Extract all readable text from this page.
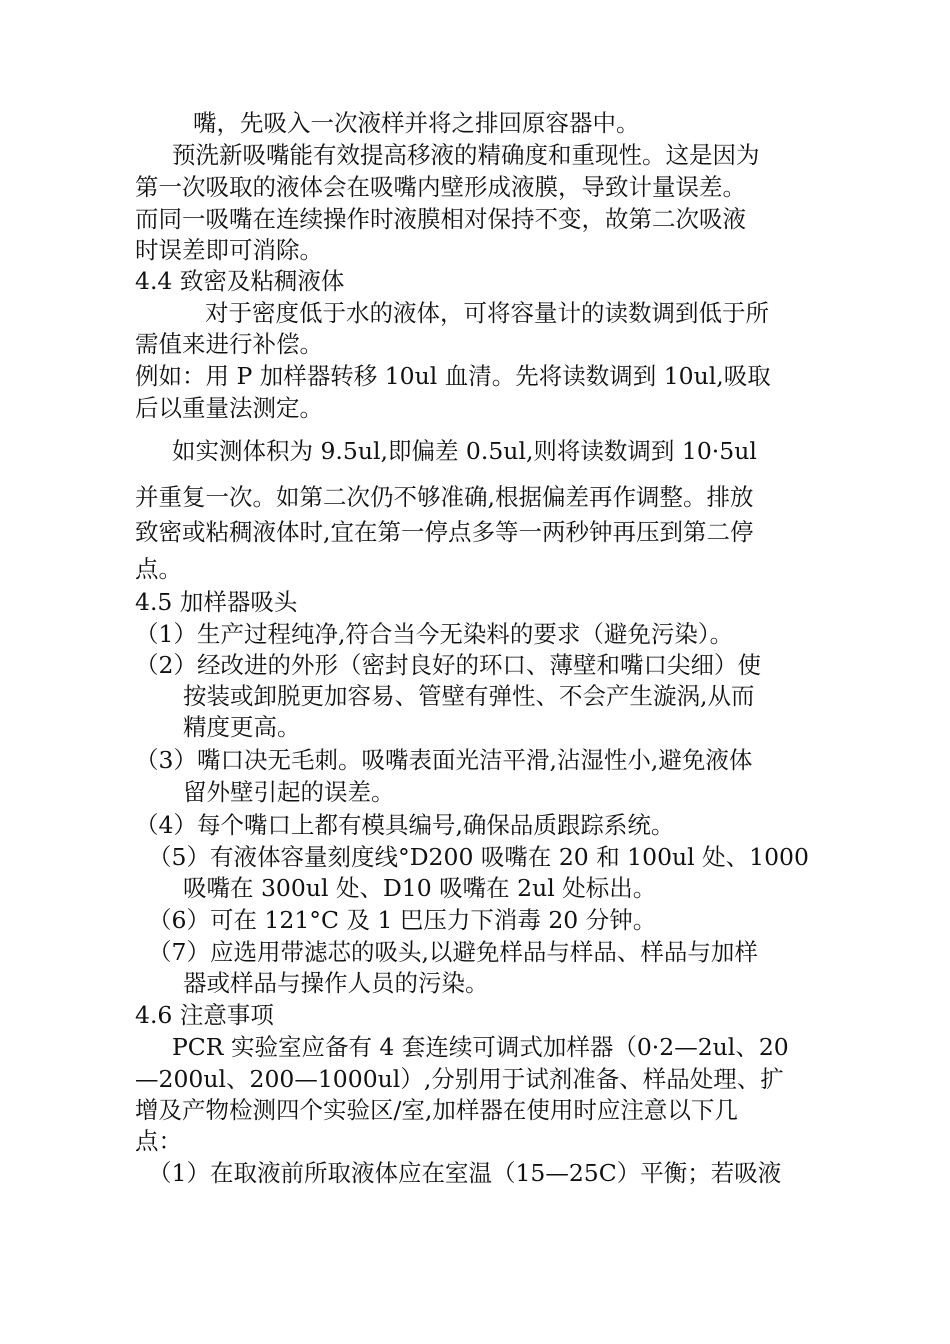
嘴，先吸入一次液样并将之排回原容器中。

预洗新吸嘴能有效提高移液的精确度和重现性。这是因为

第一次吸取的液体会在吸嘴内壁形成液膜，导致计量误差。

而同一吸嘴在连续操作时液膜相对保持不变，故第二次吸液

时误差即可消除。

4.4 致密及粘稠液体

对于密度低于水的液体，可将容量计的读数调到低于所

需值来进行补偿。

例如：用 P 加样器转移 10ul 血清。先将读数调到 10ul,吸取

后以重量法测定。

如实测体积为 9.5ul,即偏差 0.5ul,则将读数调到 10·5ul

并重复一次。如第二次仍不够准确,根据偏差再作调整。排放

致密或粘稠液体时,宜在第一停点多等一两秒钟再压到第二停

点。

4.5 加样器吸头

（1）生产过程纯净,符合当今无染料的要求（避免污染）。

（2）经改进的外形（密封良好的环口、薄壁和嘴口尖细）使

按装或卸脱更加容易、管壁有弹性、不会产生漩涡,从而

精度更高。

（3）嘴口决无毛刺。吸嘴表面光洁平滑,沾湿性小,避免液体

留外壁引起的误差。

（4）每个嘴口上都有模具编号,确保品质跟踪系统。

（5）有液体容量刻度线°D200 吸嘴在 20 和 100ul 处、1000

吸嘴在 300ul 处、D10 吸嘴在 2ul 处标出。

（6）可在 121°C 及 1 巴压力下消毒 20 分钟。

（7）应选用带滤芯的吸头,以避免样品与样品、样品与加样

器或样品与操作人员的污染。

4.6 注意事项

PCR 实验室应备有 4 套连续可调式加样器（0·2—2ul、20

—200ul、200—1000ul）,分别用于试剂准备、样品处理、扩

增及产物检测四个实验区/室,加样器在使用时应注意以下几

点：

（1）在取液前所取液体应在室温（15—25C）平衡；若吸液
